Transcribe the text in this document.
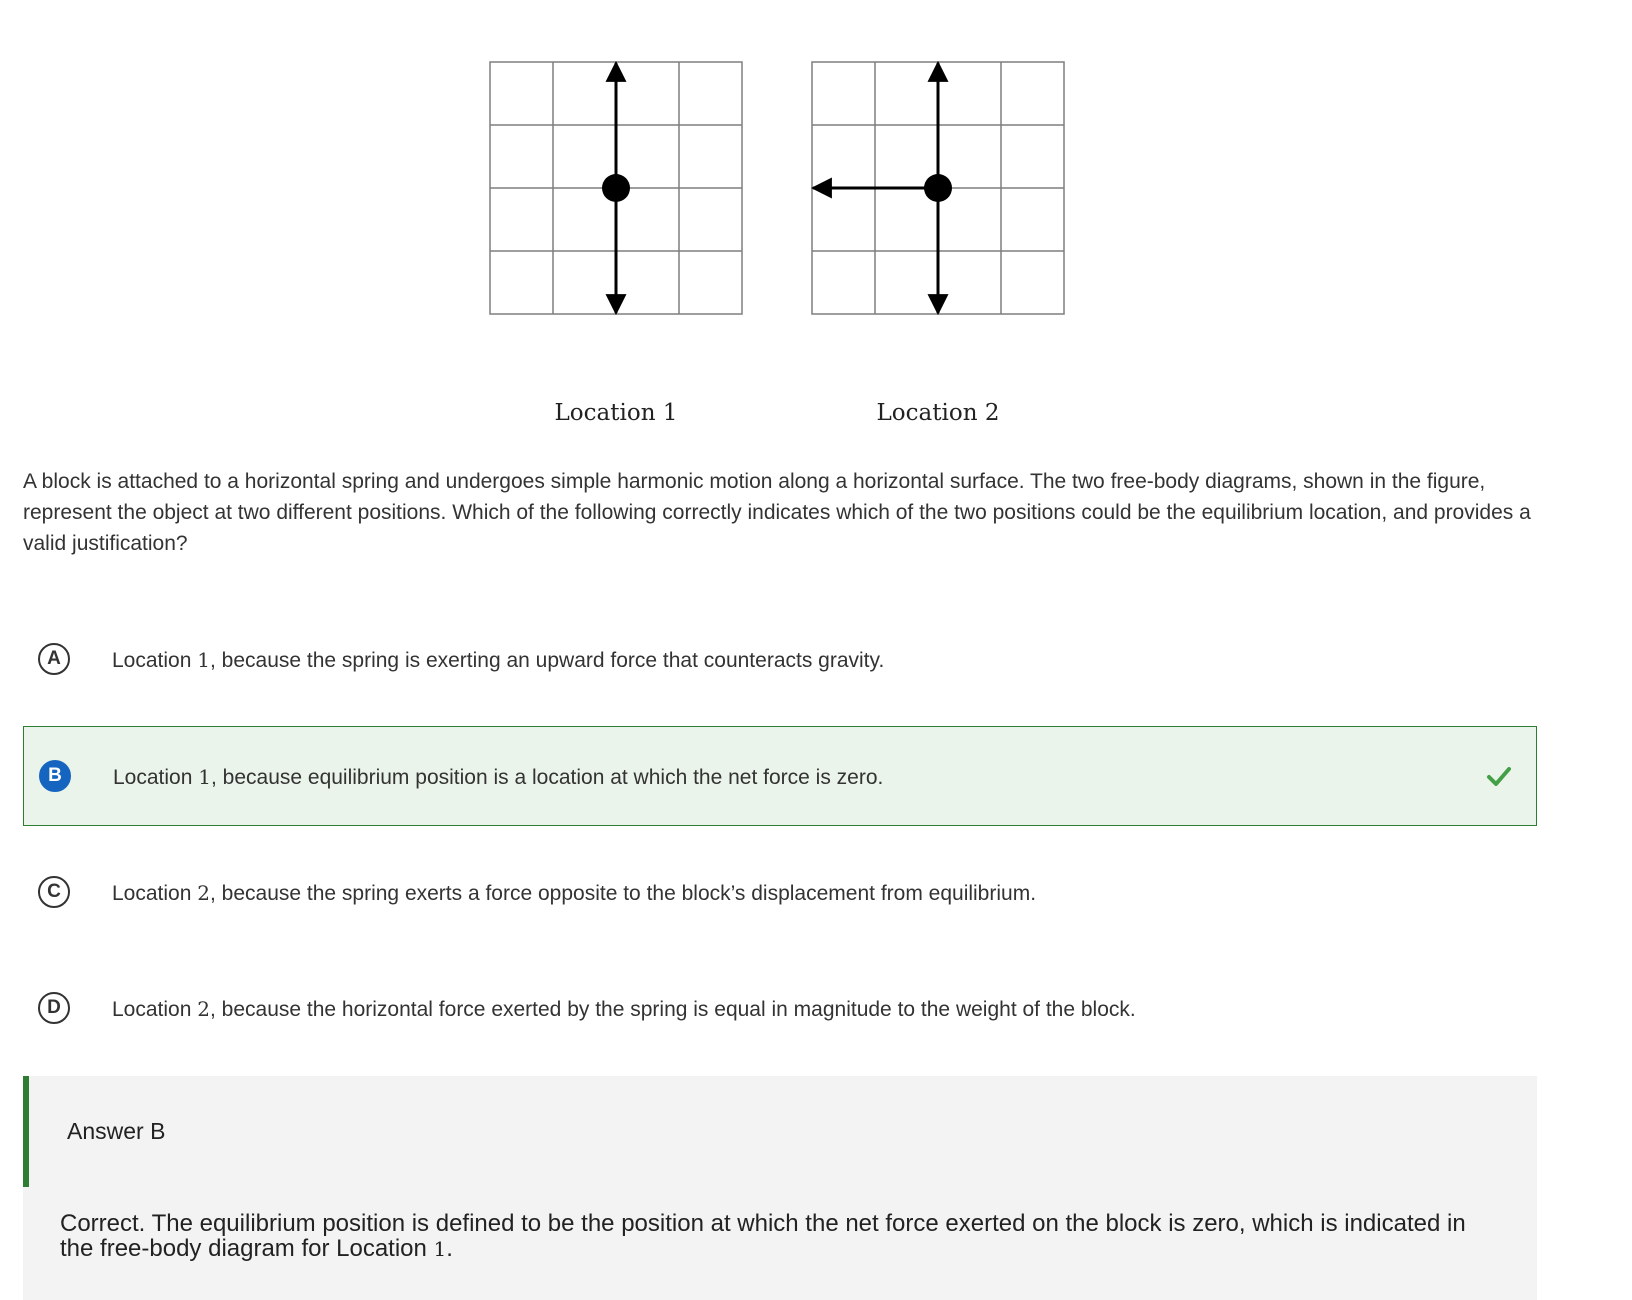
Location 1	Location 2
A block is attached to a horizontal spring and undergoes simple harmonic motion along a horizontal surface. The two free-body diagrams, shown in the figure, represent the object at two different positions. Which of the following correctly indicates which of the two positions could be the equilibrium location, and provides a valid justification?
A	Location 1, because the spring is exerting an upward force that counteracts gravity.
B	Location 1, because equilibrium position is a location at which the net force is zero.
C	Location 2, because the spring exerts a force opposite to the block’s displacement from equilibrium.
D	Location 2, because the horizontal force exerted by the spring is equal in magnitude to the weight of the block.
Answer B
Correct. The equilibrium position is defined to be the position at which the net force exerted on the block is zero, which is indicated in the free-body diagram for Location 1.
